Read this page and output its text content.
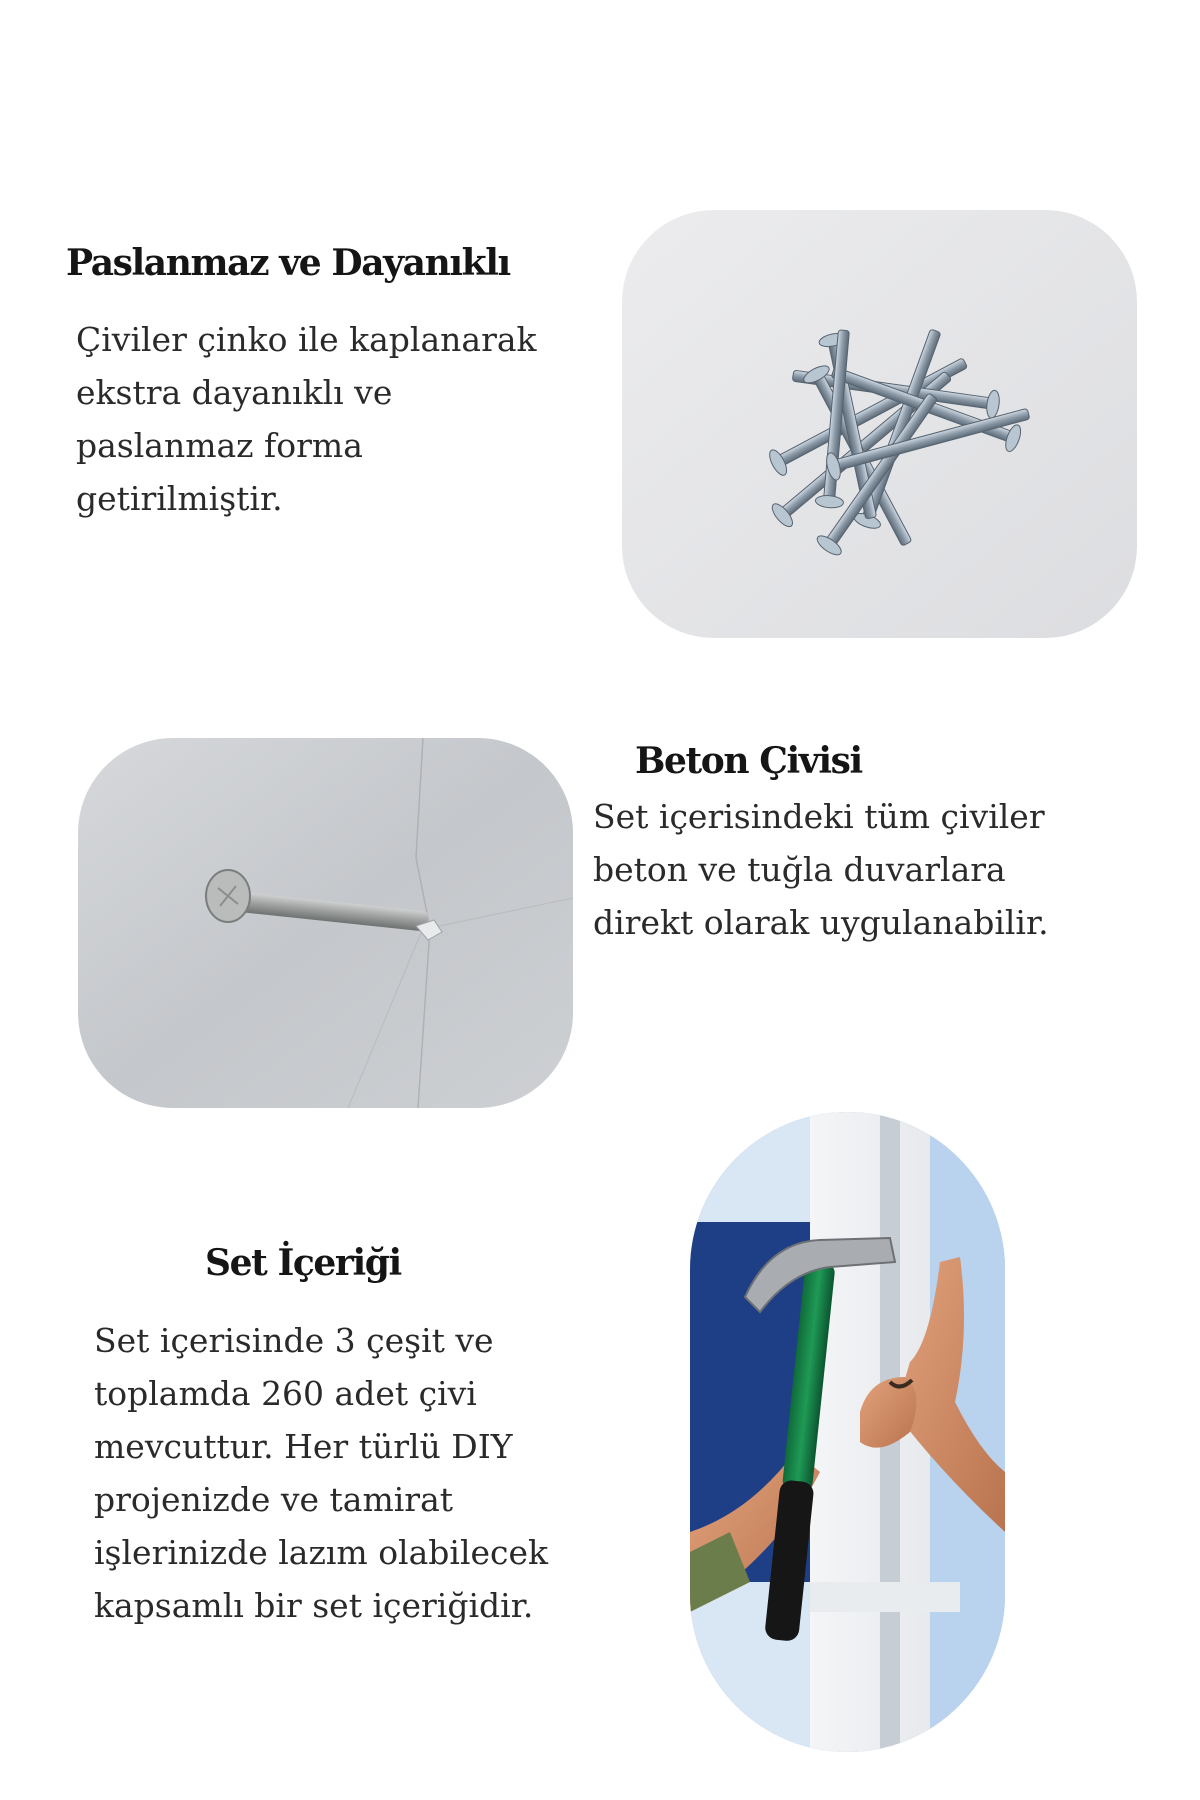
Paslanmaz ve Dayanıklı
Çiviler çinko ile kaplanarak
ekstra dayanıklı ve
paslanmaz forma
getirilmiştir.
Beton Çivisi
Set içerisindeki tüm çiviler
beton ve tuğla duvarlara
direkt olarak uygulanabilir.
Set İçeriği
Set içerisinde 3 çeşit ve
toplamda 260 adet çivi
mevcuttur. Her türlü DIY
projenizde ve tamirat
işlerinizde lazım olabilecek
kapsamlı bir set içeriğidir.
